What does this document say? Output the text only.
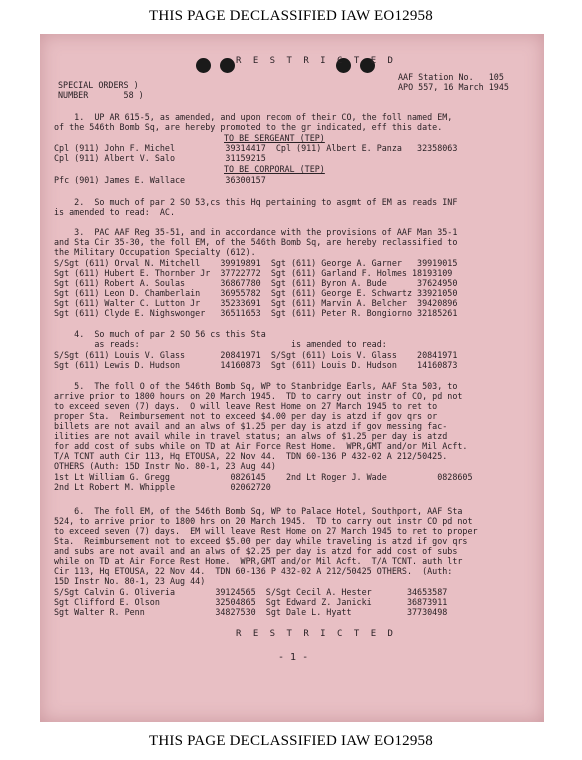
THIS PAGE DECLASSIFIED IAW EO12958
R E S T R I C T E D
SPECIAL ORDERS )
NUMBER       58 )
AAF Station No.   105
APO 557, 16 March 1945
1.  UP AR 615-5, as amended, and upon recom of their CO, the foll named EM,
of the 546th Bomb Sq, are hereby promoted to the gr indicated, eff this date.
TO BE SERGEANT (TEP)
Cpl (911) John F. Michel          39314417  Cpl (911) Albert E. Panza   32358063
Cpl (911) Albert V. Salo          31159215
TO BE CORPORAL (TEP)
Pfc (901) James E. Wallace        36300157
2.  So much of par 2 SO 53,cs this Hq pertaining to asgmt of EM as reads INF
is amended to read:  AC.
3.  PAC AAF Reg 35-51, and in accordance with the provisions of AAF Man 35-1
and Sta Cir 35-30, the foll EM, of the 546th Bomb Sq, are hereby reclassified to
the Military Occupation Specialty (612).
S/Sgt (611) Orval N. Mitchell    39919891  Sgt (611) George A. Garner   39919015
Sgt (611) Hubert E. Thornber Jr  37722772  Sgt (611) Garland F. Holmes 18193109
Sgt (611) Robert A. Soulas       36867780  Sgt (611) Byron A. Bude      37624950
Sgt (611) Leon D. Chamberlain    36955782  Sgt (611) George E. Schwartz 33921050
Sgt (611) Walter C. Lutton Jr    35233691  Sgt (611) Marvin A. Belcher  39420896
Sgt (611) Clyde E. Nighswonger   36511653  Sgt (611) Peter R. Bongiorno 32185261
4.  So much of par 2 SO 56 cs this Sta
as reads:                              is amended to read:
S/Sgt (611) Louis V. Glass       20841971  S/Sgt (611) Lois V. Glass    20841971
Sgt (611) Lewis D. Hudson        14160873  Sgt (611) Louis D. Hudson    14160873
5.  The foll O of the 546th Bomb Sq, WP to Stanbridge Earls, AAF Sta 503, to
arrive prior to 1800 hours on 20 March 1945.  TD to carry out instr of CO, pd not
to exceed seven (7) days.  O will leave Rest Home on 27 March 1945 to ret to
proper Sta.  Reimbursement not to exceed $4.00 per day is atzd if gov qrs or
billets are not avail and an alws of $1.25 per day is atzd if gov messing fac-
ilities are not avail while in travel status; an alws of $1.25 per day is atzd
for add cost of subs while on TD at Air Force Rest Home.  WPR,GMT and/or Mil Acft.
T/A TCNT auth Cir 113, Hq ETOUSA, 22 Nov 44.  TDN 60-136 P 432-02 A 212/50425.
OTHERS (Auth: 15D Instr No. 80-1, 23 Aug 44)
1st Lt William G. Gregg            0826145    2nd Lt Roger J. Wade          0828605
2nd Lt Robert M. Whipple           02062720
6.  The foll EM, of the 546th Bomb Sq, WP to Palace Hotel, Southport, AAF Sta
524, to arrive prior to 1800 hrs on 20 March 1945.  TD to carry out instr CO pd not
to exceed seven (7) days.  EM will leave Rest Home on 27 March 1945 to ret to proper
Sta.  Reimbursement not to exceed $5.00 per day while traveling is atzd if gov qrs
and subs are not avail and an alws of $2.25 per day is atzd for add cost of subs
while on TD at Air Force Rest Home.  WPR,GMT and/or Mil Acft.  T/A TCNT. auth ltr
Cir 113, Hq ETOUSA, 22 Nov 44.  TDN 60-136 P 432-02 A 212/50425 OTHERS.  (Auth:
15D Instr No. 80-1, 23 Aug 44)
S/Sgt Calvin G. Oliveria        39124565  S/Sgt Cecil A. Hester       34653587
Sgt Clifford E. Olson           32504865  Sgt Edward Z. Janicki       36873911
Sgt Walter R. Penn              34827530  Sgt Dale L. Hyatt           37730498
R E S T R I C T E D
- 1 -
THIS PAGE DECLASSIFIED IAW EO12958
